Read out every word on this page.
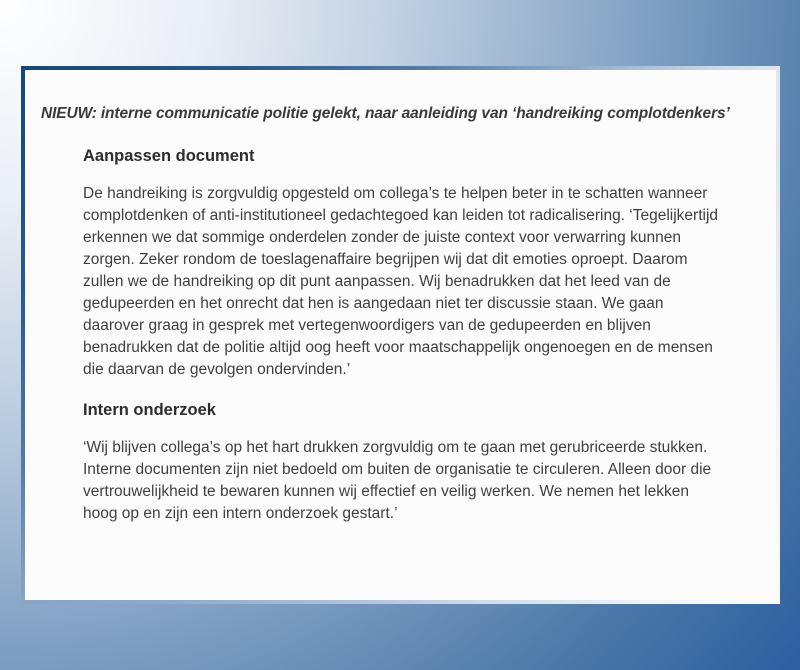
NIEUW: interne communicatie politie gelekt, naar aanleiding van ‘handreiking complotdenkers’
Aanpassen document

De handreiking is zorgvuldig opgesteld om collega’s te helpen beter in te schatten wanneer complotdenken of anti-institutioneel gedachtegoed kan leiden tot radicalisering. ‘Tegelijkertijd erkennen we dat sommige onderdelen zonder de juiste context voor verwarring kunnen zorgen. Zeker rondom de toeslagenaffaire begrijpen wij dat dit emoties oproept. Daarom zullen we de handreiking op dit punt aanpassen. Wij benadrukken dat het leed van de gedupeerden en het onrecht dat hen is aangedaan niet ter discussie staan. We gaan daarover graag in gesprek met vertegenwoordigers van de gedupeerden en blijven benadrukken dat de politie altijd oog heeft voor maatschappelijk ongenoegen en de mensen die daarvan de gevolgen ondervinden.’

Intern onderzoek

‘Wij blijven collega’s op het hart drukken zorgvuldig om te gaan met gerubriceerde stukken. Interne documenten zijn niet bedoeld om buiten de organisatie te circuleren. Alleen door die vertrouwelijkheid te bewaren kunnen wij effectief en veilig werken. We nemen het lekken hoog op en zijn een intern onderzoek gestart.’
